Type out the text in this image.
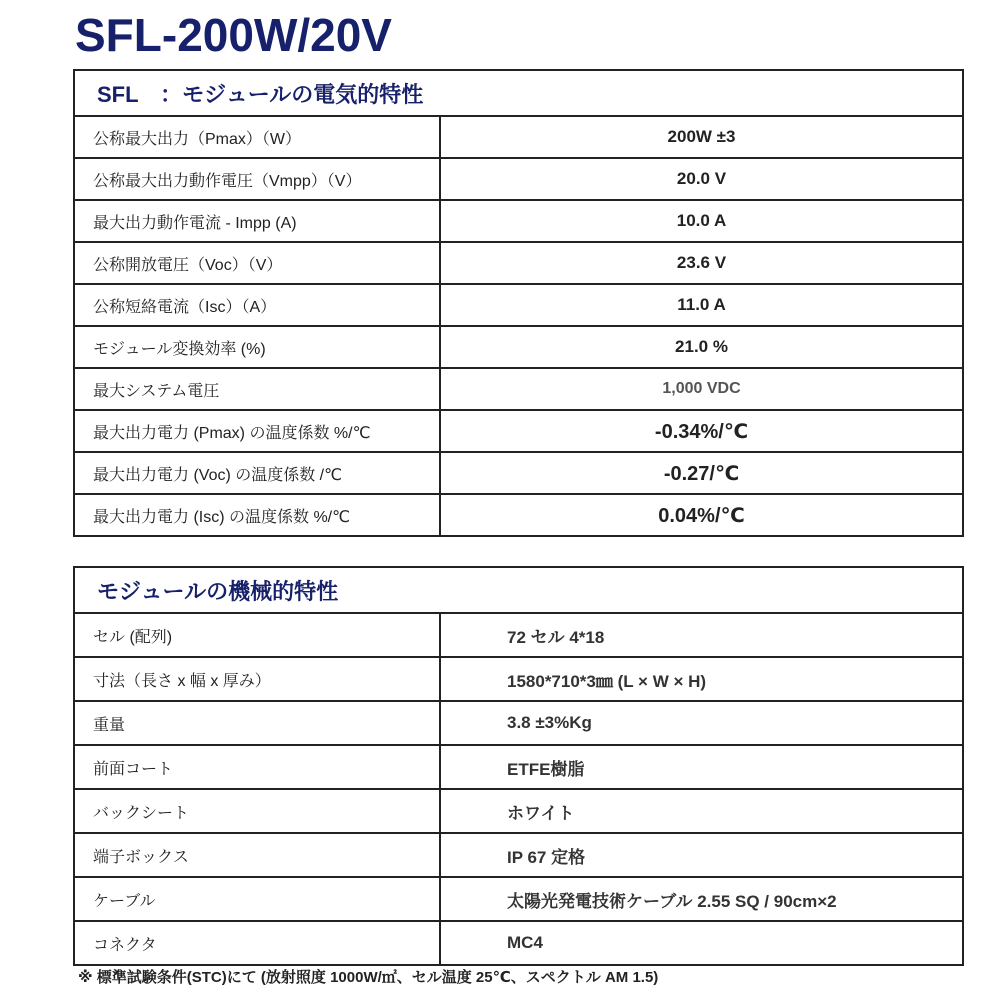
SFL-200W/20V
SFL　：モジュールの電気的特性	
公称最大出力（Pmax）（W）	200W ±3
公称最大出力動作電圧（Vmpp）（V）	20.0 V
最大出力動作電流 - Impp (A)	10.0 A
公称開放電圧（Voc）（V）	23.6 V
公称短絡電流（Isc）（A）	11.0 A
モジュール変換効率 (%)	21.0 %
最大システム電圧	1,000 VDC
最大出力電力 (Pmax) の温度係数 %/℃	-0.34%/℃
最大出力電力 (Voc) の温度係数 /℃	-0.27/℃
最大出力電力 (Isc) の温度係数 %/℃	0.04%/℃
モジュールの機械的特性	
セル (配列)	72 セル 4*18
寸法（長さ x 幅 x 厚み）	1580*710*3㎜ (L × W × H)
重量	3.8 ±3%Kg
前面コート	ETFE樹脂
バックシート	ホワイト
端子ボックス	IP 67 定格
ケーブル	太陽光発電技術ケーブル 2.55 SQ / 90cm×2
コネクタ	MC4
※ 標準試験条件(STC)にて (放射照度 1000W/㎡、セル温度 25℃、スペクトル AM 1.5)
